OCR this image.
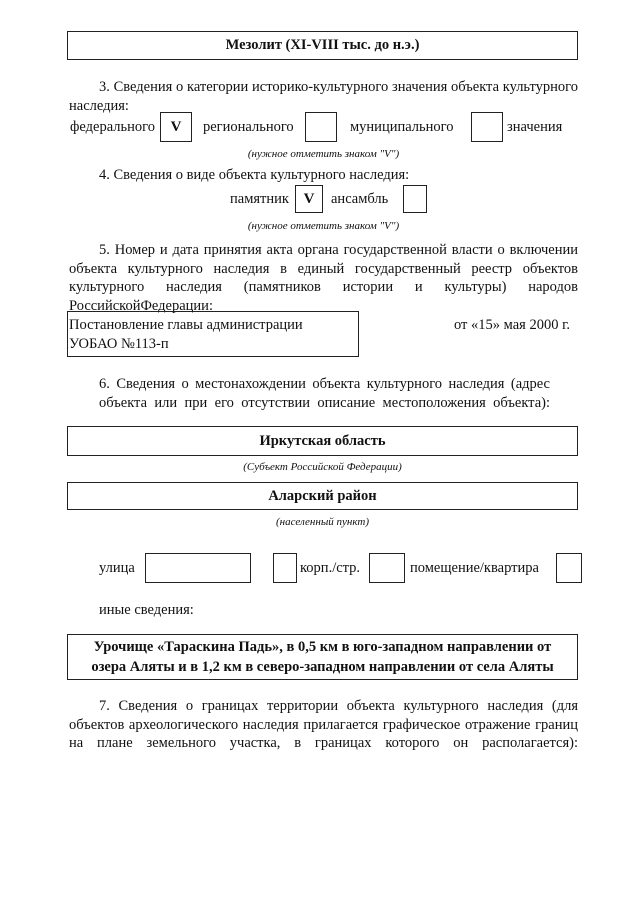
Мезолит (XI-VIII тыс. до н.э.)
3. Сведения о категории историко-культурного значения объекта культурного наследия:
федерального	V	регионального	муниципального	значения
(нужное отметить знаком "V")
4. Сведения о виде объекта культурного наследия:
памятник V	ансамбль
(нужное отметить знаком "V")
5. Номер и дата принятия акта органа государственной власти о включении объекта культурного наследия в единый государственный реестр объектов культурного наследия (памятников истории и культуры) народов РоссийскойФедерации:
Постановление главы администрации
УОБАО №113-п
от «15» мая 2000 г.
6. Сведения о местонахождении объекта культурного наследия (адрес объекта или при его отсутствии описание местоположения объекта):
Иркутская область
(Субъект Российской Федерации)
Аларский район
(населенный пункт)
улица	корп./стр.	помещение/квартира
иные сведения:
Урочище «Тараскина Падь», в 0,5 км в юго-западном направлении от озера Аляты и в 1,2 км в северо-западном направлении от села Аляты
7. Сведения о границах территории объекта культурного наследия (для объектов археологического наследия прилагается графическое отражение границ на плане земельного участка, в границах которого он располагается):
